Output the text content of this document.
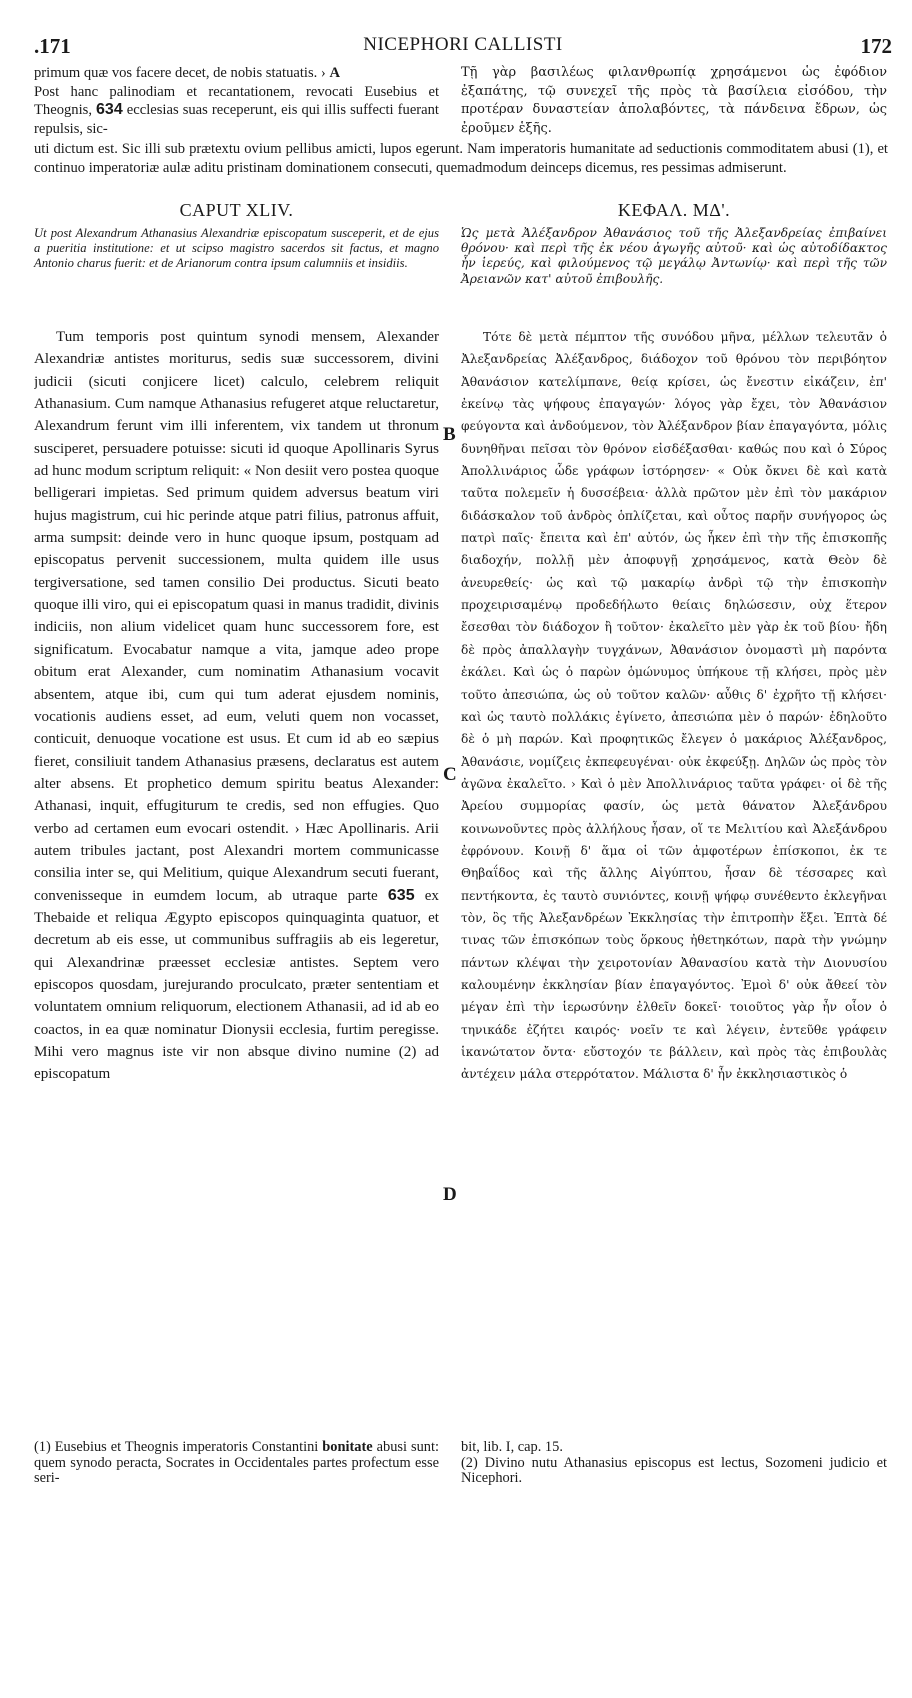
.171	NICEPHORI CALLISTI	172

primum quæ vos facere decet, de nobis statuatis. › A
Post hanc palinodiam et recantationem, revocati Eusebius et Theognis, 634 ecclesias suas receperunt, eis qui illis suffecti fuerant repulsis, sic-

Τῇ γὰρ βασιλέως φιλανθρωπίᾳ χρησάμενοι ὡς ἐφόδιον ἐξαπάτης, τῷ συνεχεῖ τῆς πρὸς τὰ βασίλεια εἰσόδου, τὴν προτέραν δυναστείαν ἀπολαβόντες, τὰ πάνδεινα ἔδρων, ὡς ἐροῦμεν ἑξῆς.

uti dictum est. Sic illi sub prætextu ovium pellibus amicti, lupos egerunt. Nam imperatoris humanitate ad seductionis commoditatem abusi (1), et continuo imperatoriæ aulæ aditu pristinam dominationem consecuti, quemadmodum deinceps dicemus, res pessimas admiserunt.

CAPUT XLIV.	ΚΕΦΑΛ. ΜΔ'.

Ut post Alexandrum Athanasius Alexandriæ episcopatum susceperit, et de ejus a pueritia institutione: et ut scipso magistro sacerdos sit factus, et magno Antonio charus fuerit: et de Arianorum contra ipsum calumniis et insidiis.

Ὡς μετὰ Ἀλέξανδρον Ἀθανάσιος τοῦ τῆς Ἀλεξανδρείας ἐπιβαίνει θρόνου· καὶ περὶ τῆς ἐκ νέου ἀγωγῆς αὐτοῦ· καὶ ὡς αὐτοδίδακτος ἦν ἱερεύς, καὶ φιλούμενος τῷ μεγάλῳ Ἀντωνίῳ· καὶ περὶ τῆς τῶν Ἀρειανῶν κατ' αὐτοῦ ἐπιβουλῆς.

Tum temporis post quintum synodi mensem, Alexander Alexandriæ antistes moriturus, sedis suæ successorem, divini judicii (sicuti conjicere licet) calculo, celebrem reliquit Athanasium. Cum namque Athanasius refugeret atque reluctaretur, Alexandrum ferunt vim illi inferentem, vix tandem ut thronum susciperet, persuadere potuisse: sicuti id quoque Apollinaris Syrus ad hunc modum scriptum reliquit: « Non desiit vero postea quoque belligerari impietas. Sed primum quidem adversus beatum viri hujus magistrum, cui hic perinde atque patri filius, patronus affuit, arma sumpsit: deinde vero in hunc quoque ipsum, postquam ad episcopatus pervenit successionem, multa quidem ille usus tergiversatione, sed tamen consilio Dei productus. Sicuti beato quoque illi viro, qui ei episcopatum quasi in manus tradidit, divinis indiciis, non alium videlicet quam hunc successorem fore, est significatum. Evocabatur namque a vita, jamque adeo prope obitum erat Alexander, cum nominatim Athanasium vocavit absentem, atque ibi, cum qui tum aderat ejusdem nominis, vocationis audiens esset, ad eum, veluti quem non vocasset, conticuit, denuoque vocatione est usus. Et cum id ab eo sæpius fieret, consiliuit tandem Athanasius præsens, declaratus est autem alter absens. Et prophetico demum spiritu beatus Alexander: Athanasi, inquit, effugiturum te credis, sed non effugies. Quo verbo ad certamen eum evocari ostendit. › Hæc Apollinaris. Arii autem tribules jactant, post Alexandri mortem communicasse consilia inter se, qui Melitium, quique Alexandrum secuti fuerant, convenisseque in eumdem locum, ab utraque parte 635 ex Thebaide et reliqua Ægypto episcopos quinquaginta quatuor, et decretum ab eis esse, ut communibus suffragiis ab eis legeretur, qui Alexandrinæ præesset ecclesiæ antistes. Septem vero episcopos quosdam, jurejurando proculcato, præter sententiam et voluntatem omnium reliquorum, electionem Athanasii, ad id ab eo coactos, in ea quæ nominatur Dionysii ecclesia, furtim peregisse. Mihi vero magnus iste vir non absque divino numine (2) ad episcopatum

Τότε δὲ μετὰ πέμπτον τῆς συνόδου μῆνα, μέλλων τελευτᾶν ὁ Ἀλεξανδρείας Ἀλέξανδρος, διάδοχον τοῦ θρόνου τὸν περιβόητον Ἀθανάσιον κατελίμπανε, θείᾳ κρίσει, ὡς ἔνεστιν εἰκάζειν, ἐπ' ἐκείνῳ τὰς ψήφους ἐπαγαγών· λόγος γὰρ ἔχει, τὸν Ἀθανάσιον φεύγοντα καὶ ἀνδούμενον, τὸν Ἀλέξανδρον βίαν ἐπαγαγόντα, μόλις δυνηθῆναι πεῖσαι τὸν θρόνον εἰσδέξασθαι· καθώς που καὶ ὁ Σύρος Ἀπολλινάριος ὧδε γράφων ἱστόρησεν· « Οὐκ ὄκνει δὲ καὶ κατὰ ταῦτα πολεμεῖν ἡ δυσσέβεια· ἀλλὰ πρῶτον μὲν ἐπὶ τὸν μακάριον διδάσκαλον τοῦ ἀνδρὸς ὁπλίζεται, καὶ οὗτος παρῆν συνήγορος ὡς πατρὶ παῖς· ἔπειτα καὶ ἐπ' αὐτόν, ὡς ἧκεν ἐπὶ τὴν τῆς ἐπισκοπῆς διαδοχήν, πολλῇ μὲν ἀποφυγῇ χρησάμενος, κατὰ Θεὸν δὲ ἀνευρεθείς· ὡς καὶ τῷ μακαρίῳ ἀνδρὶ τῷ τὴν ἐπισκοπὴν προχειρισαμένῳ προδεδήλωτο θείαις δηλώσεσιν, οὐχ ἕτερον ἔσεσθαι τὸν διάδοχον ἢ τοῦτον· ἐκαλεῖτο μὲν γὰρ ἐκ τοῦ βίου· ἤδη δὲ πρὸς ἀπαλλαγὴν τυγχάνων, Ἀθανάσιον ὀνομαστὶ μὴ παρόντα ἐκάλει. Καὶ ὡς ὁ παρὼν ὁμώνυμος ὑπήκουε τῇ κλήσει, πρὸς μὲν τοῦτο ἀπεσιώπα, ὡς οὐ τοῦτον καλῶν· αὖθις δ' ἐχρῆτο τῇ κλήσει· καὶ ὡς ταυτὸ πολλάκις ἐγίνετο, ἀπεσιώπα μὲν ὁ παρών· ἐδηλοῦτο δὲ ὁ μὴ παρών. Καὶ προφητικῶς ἔλεγεν ὁ μακάριος Ἀλέξανδρος, Ἀθανάσιε, νομίζεις ἐκπεφευγέναι· οὐκ ἐκφεύξῃ. Δηλῶν ὡς πρὸς τὸν ἀγῶνα ἐκαλεῖτο. › Καὶ ὁ μὲν Ἀπολλινάριος ταῦτα γράφει· οἱ δὲ τῆς Ἀρείου συμμορίας φασίν, ὡς μετὰ θάνατον Ἀλεξάνδρου κοινωνοῦντες πρὸς ἀλλήλους ἦσαν, οἵ τε Μελιτίου καὶ Ἀλεξάνδρου ἐφρόνουν. Κοινῇ δ' ἅμα οἱ τῶν ἀμφοτέρων ἐπίσκοποι, ἐκ τε Θηβαΐδος καὶ τῆς ἄλλης Αἰγύπτου, ἦσαν δὲ τέσσαρες καὶ πεντήκοντα, ἐς ταυτὸ συνιόντες, κοινῇ ψήφῳ συνέθεντο ἐκλεγῆναι τὸν, ὃς τῆς Ἀλεξανδρέων Ἐκκλησίας τὴν ἐπιτροπὴν ἕξει. Ἑπτὰ δέ τινας τῶν ἐπισκόπων τοὺς ὅρκους ἠθετηκότων, παρὰ τὴν γνώμην πάντων κλέψαι τὴν χειροτονίαν Ἀθανασίου κατὰ τὴν Διονυσίου καλουμένην ἐκκλησίαν βίαν ἐπαγαγόντος. Ἐμοὶ δ' οὐκ ἄθεεί τὸν μέγαν ἐπὶ τὴν ἱερωσύνην ἐλθεῖν δοκεῖ· τοιοῦτος γὰρ ἦν οἷον ὁ τηνικάδε ἐζήτει καιρός· νοεῖν τε καὶ λέγειν, ἐντεῦθε γράφειν ἱκανώτατον ὄντα· εὔστοχόν τε βάλλειν, καὶ πρὸς τὰς ἐπιβουλὰς ἀντέχειν μάλα στερρότατον. Μάλιστα δ' ἦν ἐκκλησιαστικὸς ὁ

B
C
D

(1) Eusebius et Theognis imperatoris Constantini bonitate abusi sunt: quem synodo peracta, Socrates in Occidentales partes profectum esse seri-

bit, lib. I, cap. 15.

(2) Divino nutu Athanasius episcopus est lectus, Sozomeni judicio et Nicephori.
